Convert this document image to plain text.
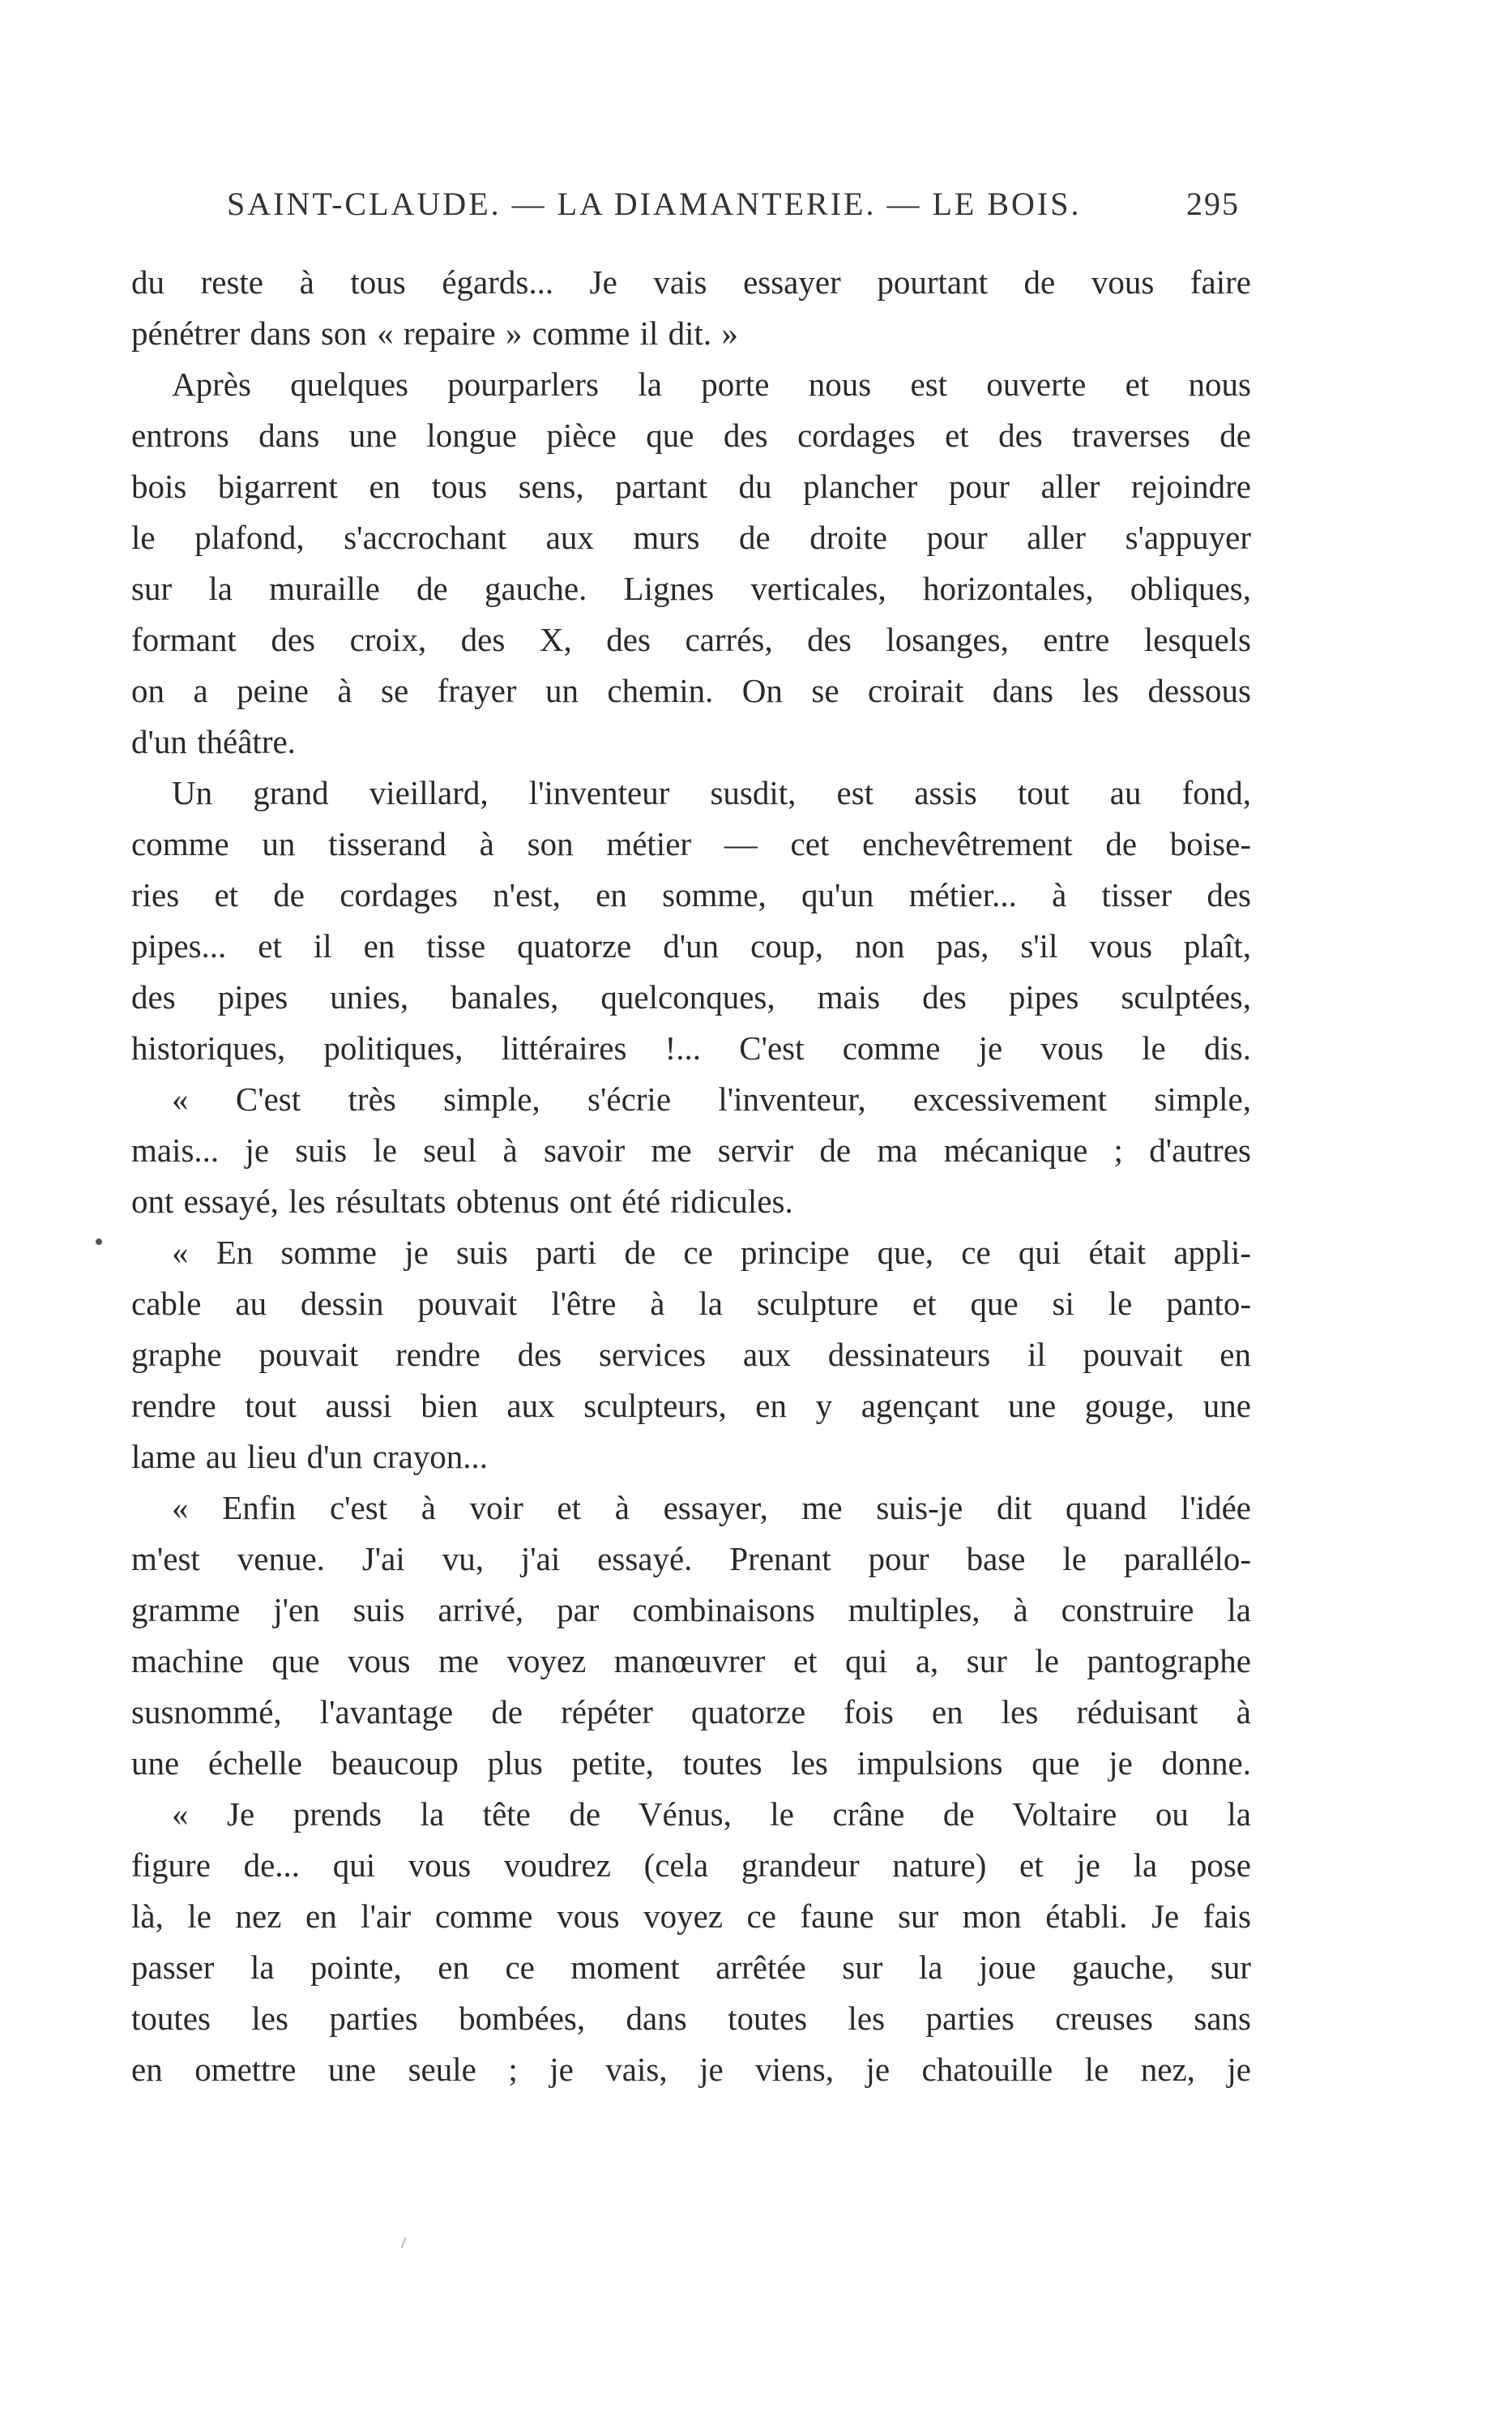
SAINT-CLAUDE. — LA DIAMANTERIE. — LE BOIS.	295
du reste à tous égards... Je vais essayer pourtant de vous faire
pénétrer dans son « repaire » comme il dit. »
Après quelques pourparlers la porte nous est ouverte et nous
entrons dans une longue pièce que des cordages et des traverses de
bois bigarrent en tous sens, partant du plancher pour aller rejoindre
le plafond, s'accrochant aux murs de droite pour aller s'appuyer
sur la muraille de gauche. Lignes verticales, horizontales, obliques,
formant des croix, des X, des carrés, des losanges, entre lesquels
on a peine à se frayer un chemin. On se croirait dans les dessous
d'un théâtre.
Un grand vieillard, l'inventeur susdit, est assis tout au fond,
comme un tisserand à son métier — cet enchevêtrement de boise-
ries et de cordages n'est, en somme, qu'un métier... à tisser des
pipes... et il en tisse quatorze d'un coup, non pas, s'il vous plaît,
des pipes unies, banales, quelconques, mais des pipes sculptées,
historiques, politiques, littéraires !... C'est comme je vous le dis.
« C'est très simple, s'écrie l'inventeur, excessivement simple,
mais... je suis le seul à savoir me servir de ma mécanique ; d'autres
ont essayé, les résultats obtenus ont été ridicules.
« En somme je suis parti de ce principe que, ce qui était appli-
cable au dessin pouvait l'être à la sculpture et que si le panto-
graphe pouvait rendre des services aux dessinateurs il pouvait en
rendre tout aussi bien aux sculpteurs, en y agençant une gouge, une
lame au lieu d'un crayon...
« Enfin c'est à voir et à essayer, me suis-je dit quand l'idée
m'est venue. J'ai vu, j'ai essayé. Prenant pour base le parallélo-
gramme j'en suis arrivé, par combinaisons multiples, à construire la
machine que vous me voyez manœuvrer et qui a, sur le pantographe
susnommé, l'avantage de répéter quatorze fois en les réduisant à
une échelle beaucoup plus petite, toutes les impulsions que je donne.
« Je prends la tête de Vénus, le crâne de Voltaire ou la
figure de... qui vous voudrez (cela grandeur nature) et je la pose
là, le nez en l'air comme vous voyez ce faune sur mon établi. Je fais
passer la pointe, en ce moment arrêtée sur la joue gauche, sur
toutes les parties bombées, dans toutes les parties creuses sans
en omettre une seule ; je vais, je viens, je chatouille le nez, je
